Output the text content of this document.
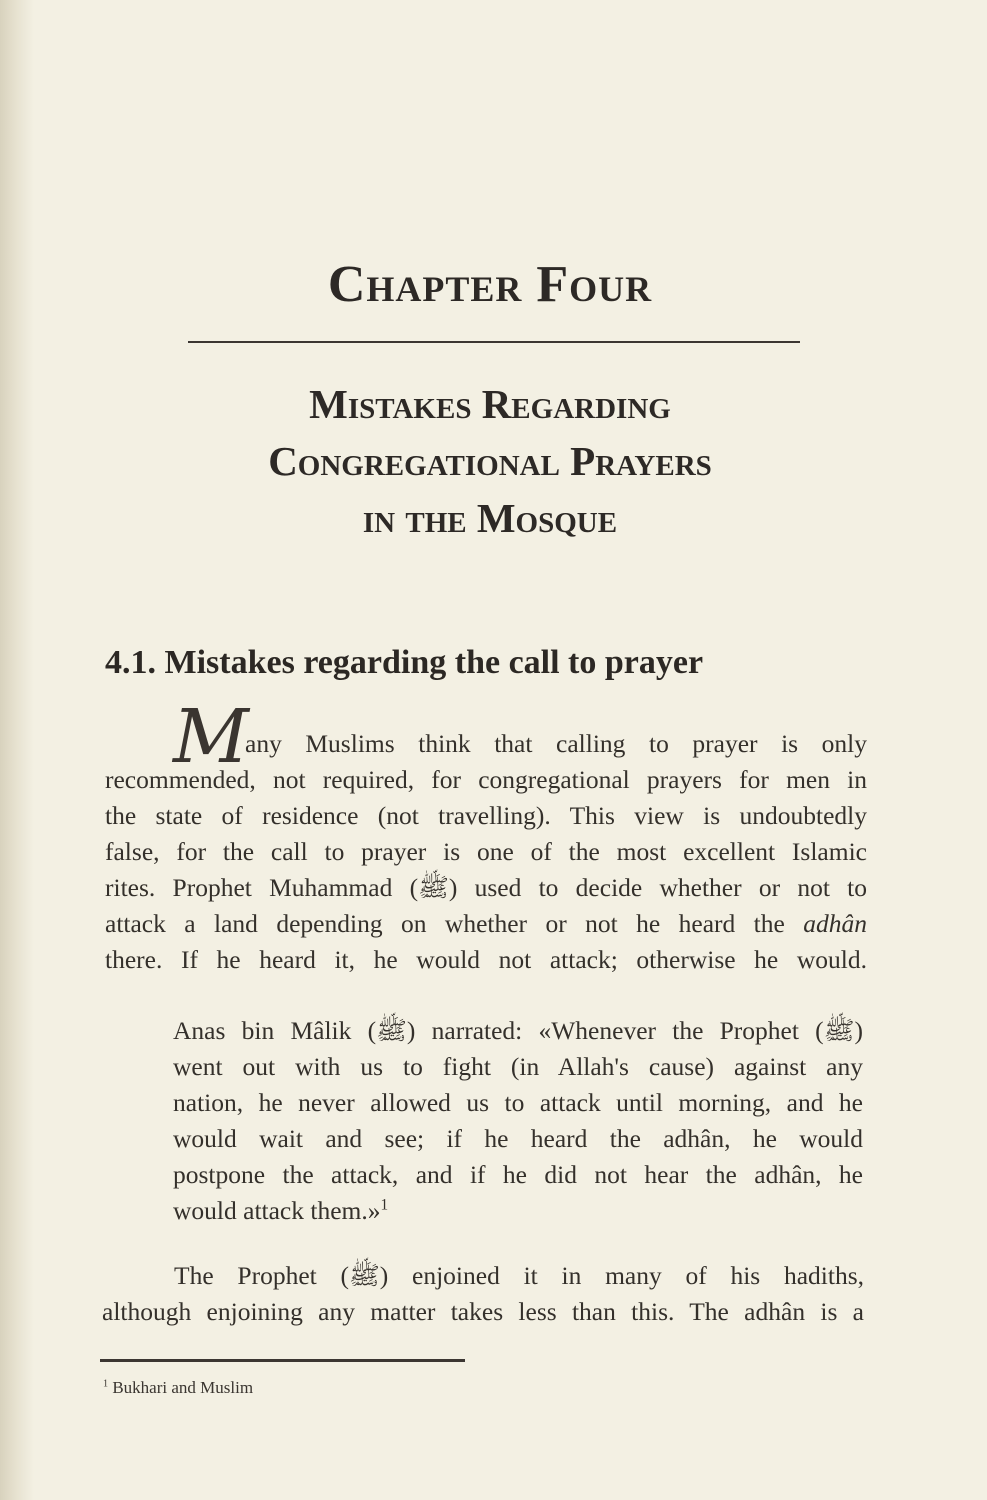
Chapter Four
Mistakes Regarding
Congregational Prayers
in the Mosque
4.1. Mistakes regarding the call to prayer
M
any Muslims think that calling to prayer is only
recommended, not required, for congregational prayers for men in
the state of residence (not travelling). This view is undoubtedly
false, for the call to prayer is one of the most excellent Islamic
rites. Prophet Muhammad (ﷺ) used to decide whether or not to
attack a land depending on whether or not he heard the adhân
there. If he heard it, he would not attack; otherwise he would.
Anas bin Mâlik (ﷺ) narrated: «Whenever the Prophet (ﷺ)
went out with us to fight (in Allah's cause) against any
nation, he never allowed us to attack until morning, and he
would wait and see; if he heard the adhân, he would
postpone the attack, and if he did not hear the adhân, he
would attack them.»$^1$
The Prophet (ﷺ) enjoined it in many of his hadiths,
although enjoining any matter takes less than this. The adhân is a

$^1$ Bukhari and Muslim
